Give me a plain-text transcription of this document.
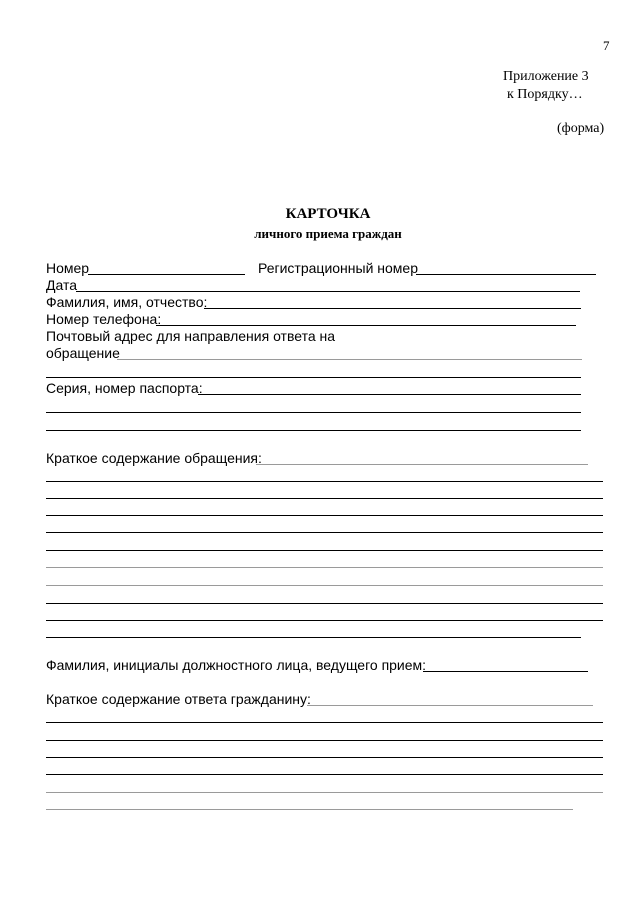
7
Приложение 3
к Порядку…
(форма)
КАРТОЧКА
личного приема граждан
Номер	Регистрационный номер
Дата
Фамилия, имя, отчество:
Номер телефона:
Почтовый адрес для направления ответа на
обращение
Серия, номер паспорта:
Краткое содержание обращения:
Фамилия, инициалы должностного лица, ведущего прием:
Краткое содержание ответа гражданину:
